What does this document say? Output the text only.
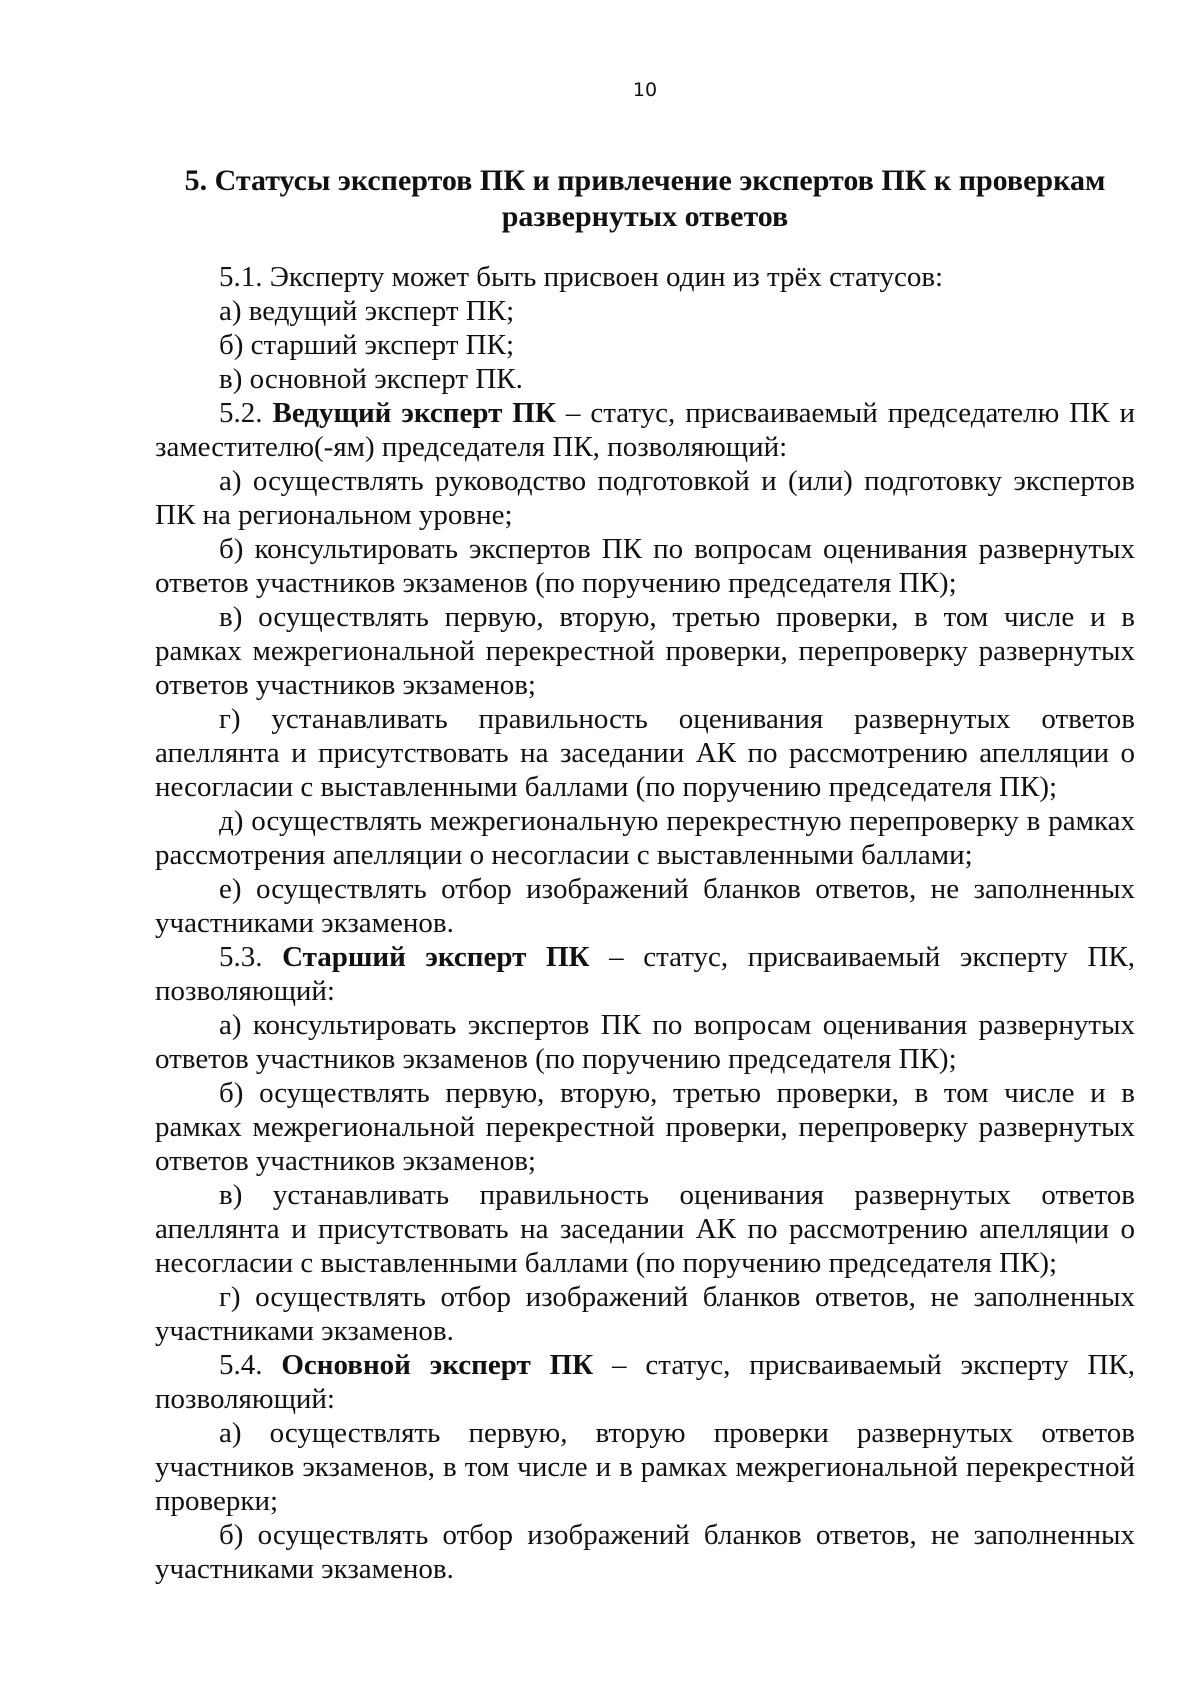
10
5. Статусы экспертов ПК и привлечение экспертов ПК к проверкам
развернутых ответов

5.1. Эксперту может быть присвоен один из трёх статусов:

а) ведущий эксперт ПК;

б) старший эксперт ПК;

в) основной эксперт ПК.

5.2. Ведущий эксперт ПК – статус, присваиваемый председателю ПК и заместителю(-ям) председателя ПК, позволяющий:

а) осуществлять руководство подготовкой и (или) подготовку экспертов ПК на региональном уровне;

б) консультировать экспертов ПК по вопросам оценивания развернутых ответов участников экзаменов (по поручению председателя ПК);

в) осуществлять первую, вторую, третью проверки, в том числе и в рамках межрегиональной перекрестной проверки, перепроверку развернутых ответов участников экзаменов;

г) устанавливать правильность оценивания развернутых ответов апеллянта и присутствовать на заседании АК по рассмотрению апелляции о несогласии с выставленными баллами (по поручению председателя ПК);

д) осуществлять межрегиональную перекрестную перепроверку в рамках рассмотрения апелляции о несогласии с выставленными баллами;

е) осуществлять отбор изображений бланков ответов, не заполненных участниками экзаменов.

5.3. Старший эксперт ПК – статус, присваиваемый эксперту ПК, позволяющий:

а) консультировать экспертов ПК по вопросам оценивания развернутых ответов участников экзаменов (по поручению председателя ПК);

б) осуществлять первую, вторую, третью проверки, в том числе и в рамках межрегиональной перекрестной проверки, перепроверку развернутых ответов участников экзаменов;

в) устанавливать правильность оценивания развернутых ответов апеллянта и присутствовать на заседании АК по рассмотрению апелляции о несогласии с выставленными баллами (по поручению председателя ПК);

г) осуществлять отбор изображений бланков ответов, не заполненных участниками экзаменов.

5.4. Основной эксперт ПК – статус, присваиваемый эксперту ПК, позволяющий:

а) осуществлять первую, вторую проверки развернутых ответов участников экзаменов, в том числе и в рамках межрегиональной перекрестной проверки;

б) осуществлять отбор изображений бланков ответов, не заполненных участниками экзаменов.
